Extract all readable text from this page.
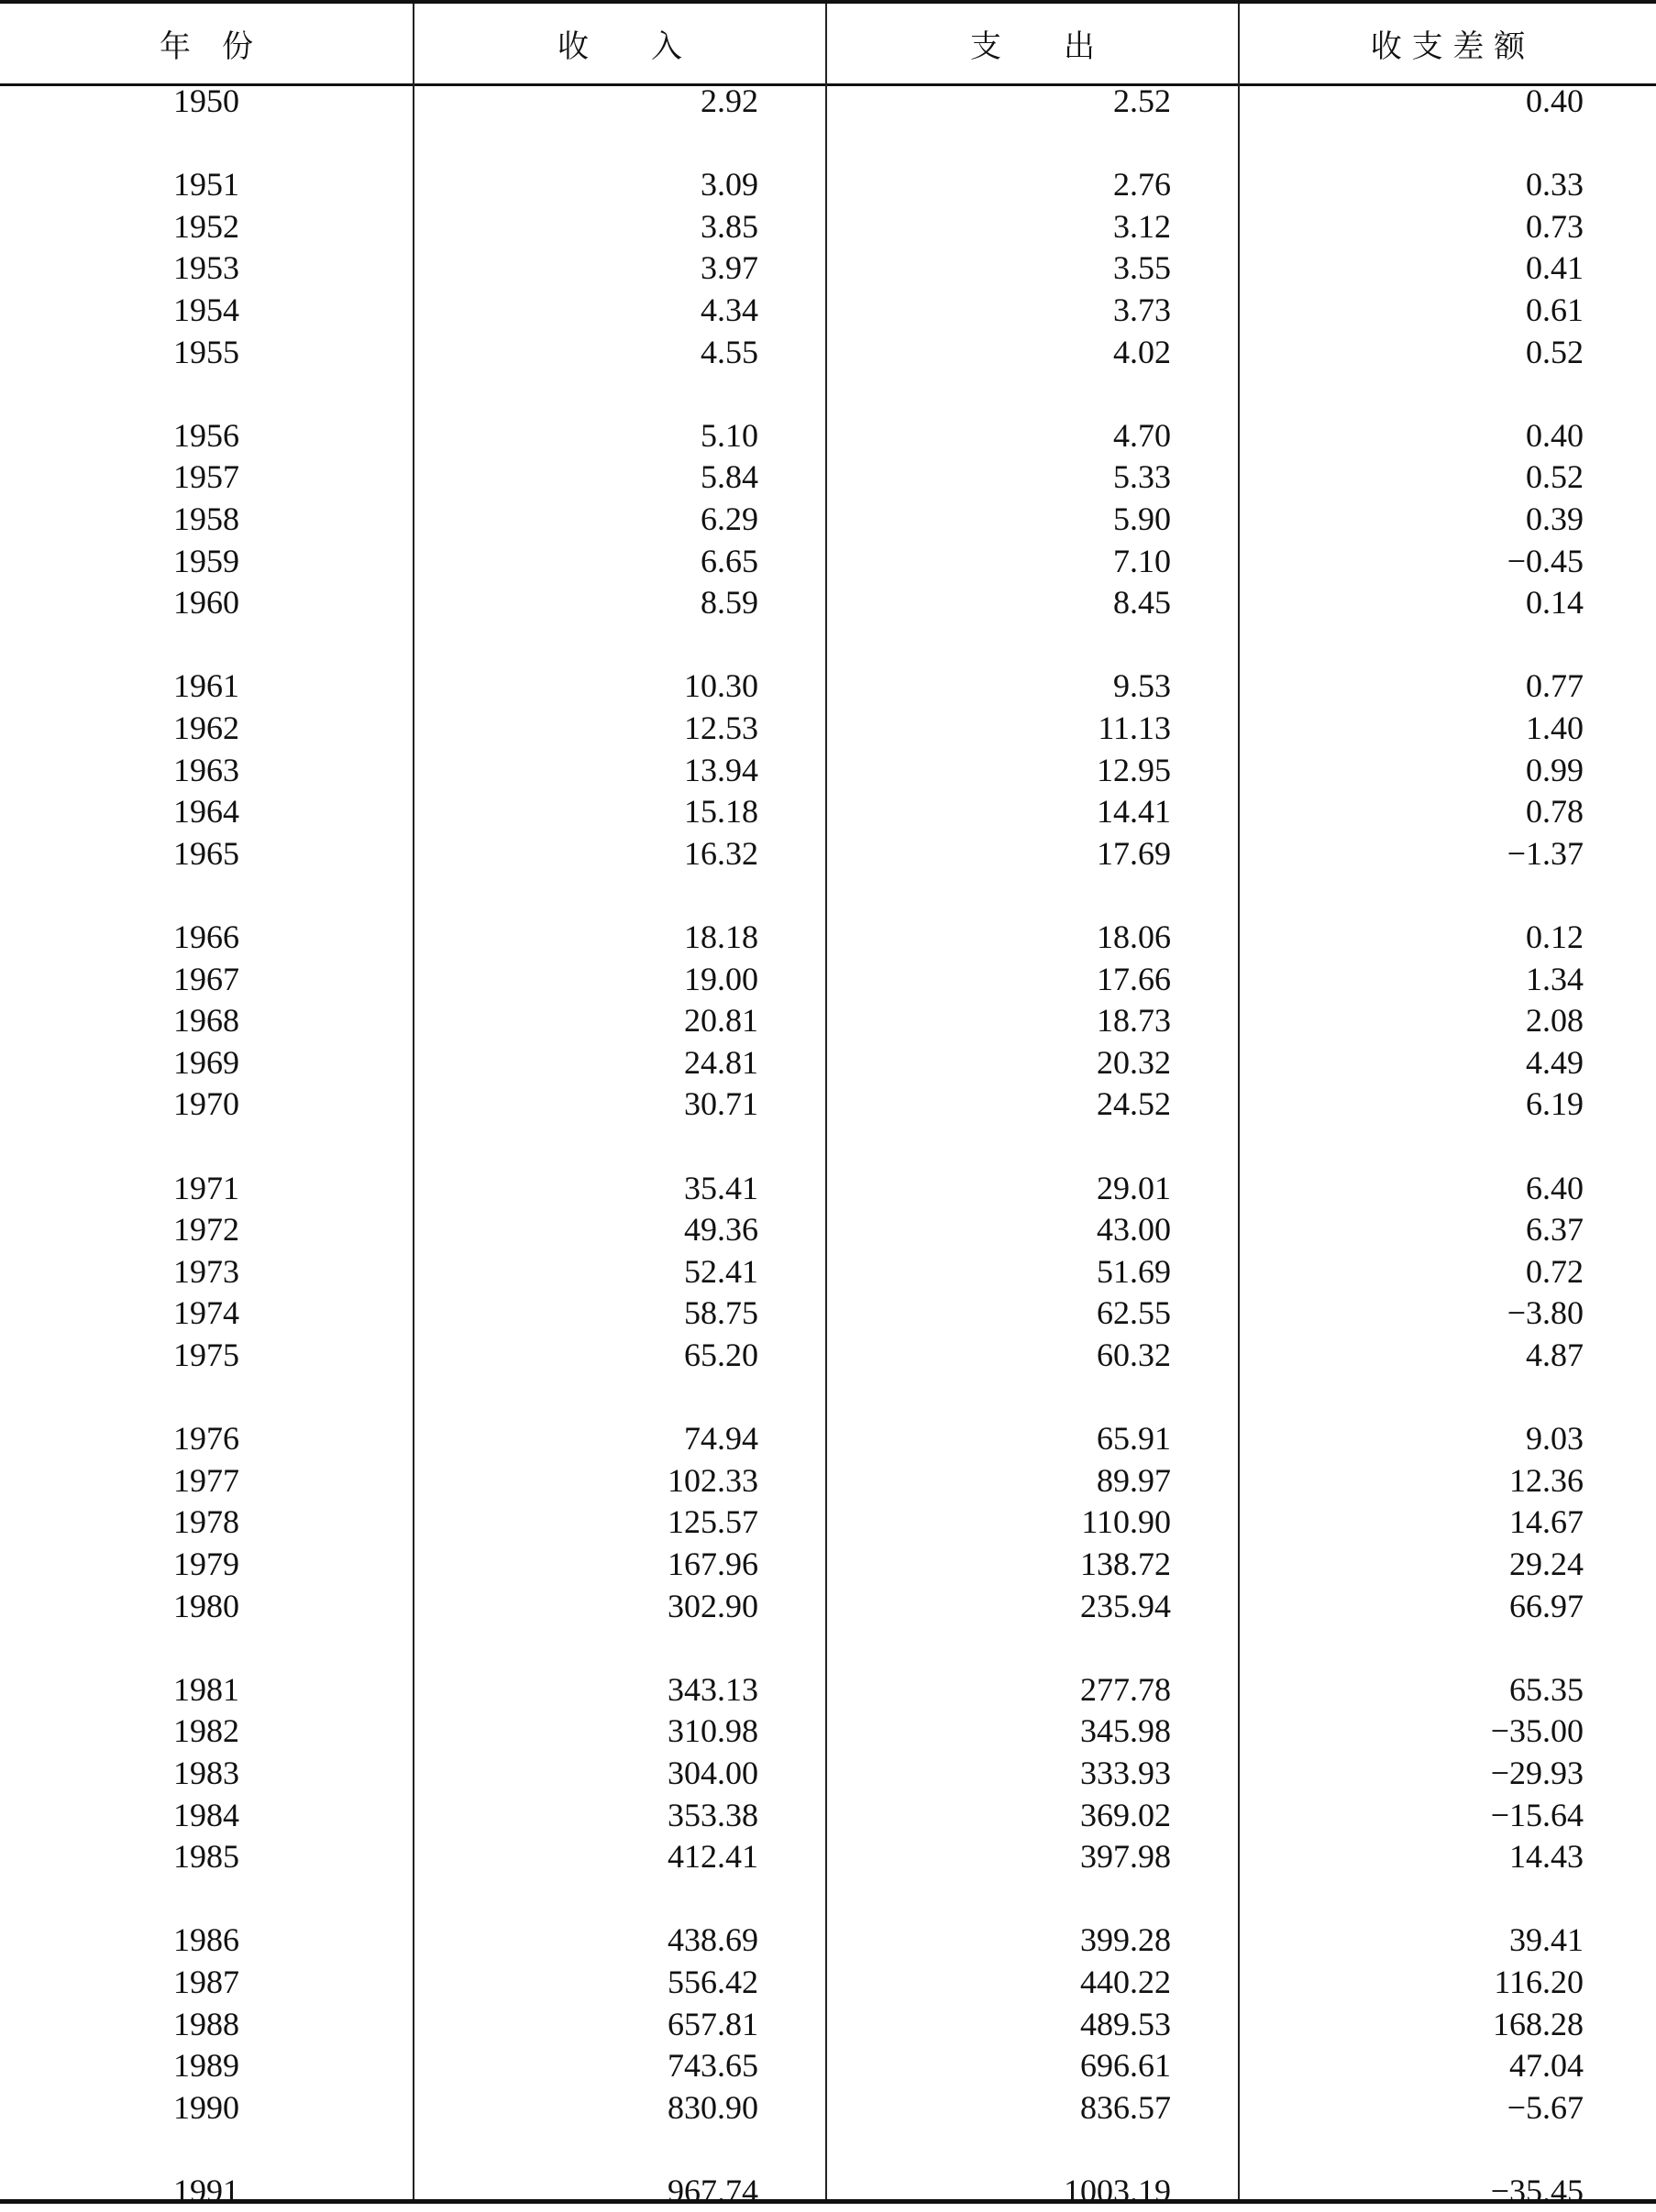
年　份	收　　入	支　　出	收 支 差 额
1950	2.92	2.52	0.40
1951	3.09	2.76	0.33
1952	3.85	3.12	0.73
1953	3.97	3.55	0.41
1954	4.34	3.73	0.61
1955	4.55	4.02	0.52
1956	5.10	4.70	0.40
1957	5.84	5.33	0.52
1958	6.29	5.90	0.39
1959	6.65	7.10	−0.45
1960	8.59	8.45	0.14
1961	10.30	9.53	0.77
1962	12.53	11.13	1.40
1963	13.94	12.95	0.99
1964	15.18	14.41	0.78
1965	16.32	17.69	−1.37
1966	18.18	18.06	0.12
1967	19.00	17.66	1.34
1968	20.81	18.73	2.08
1969	24.81	20.32	4.49
1970	30.71	24.52	6.19
1971	35.41	29.01	6.40
1972	49.36	43.00	6.37
1973	52.41	51.69	0.72
1974	58.75	62.55	−3.80
1975	65.20	60.32	4.87
1976	74.94	65.91	9.03
1977	102.33	89.97	12.36
1978	125.57	110.90	14.67
1979	167.96	138.72	29.24
1980	302.90	235.94	66.97
1981	343.13	277.78	65.35
1982	310.98	345.98	−35.00
1983	304.00	333.93	−29.93
1984	353.38	369.02	−15.64
1985	412.41	397.98	14.43
1986	438.69	399.28	39.41
1987	556.42	440.22	116.20
1988	657.81	489.53	168.28
1989	743.65	696.61	47.04
1990	830.90	836.57	−5.67
1991	967.74	1003.19	−35.45
